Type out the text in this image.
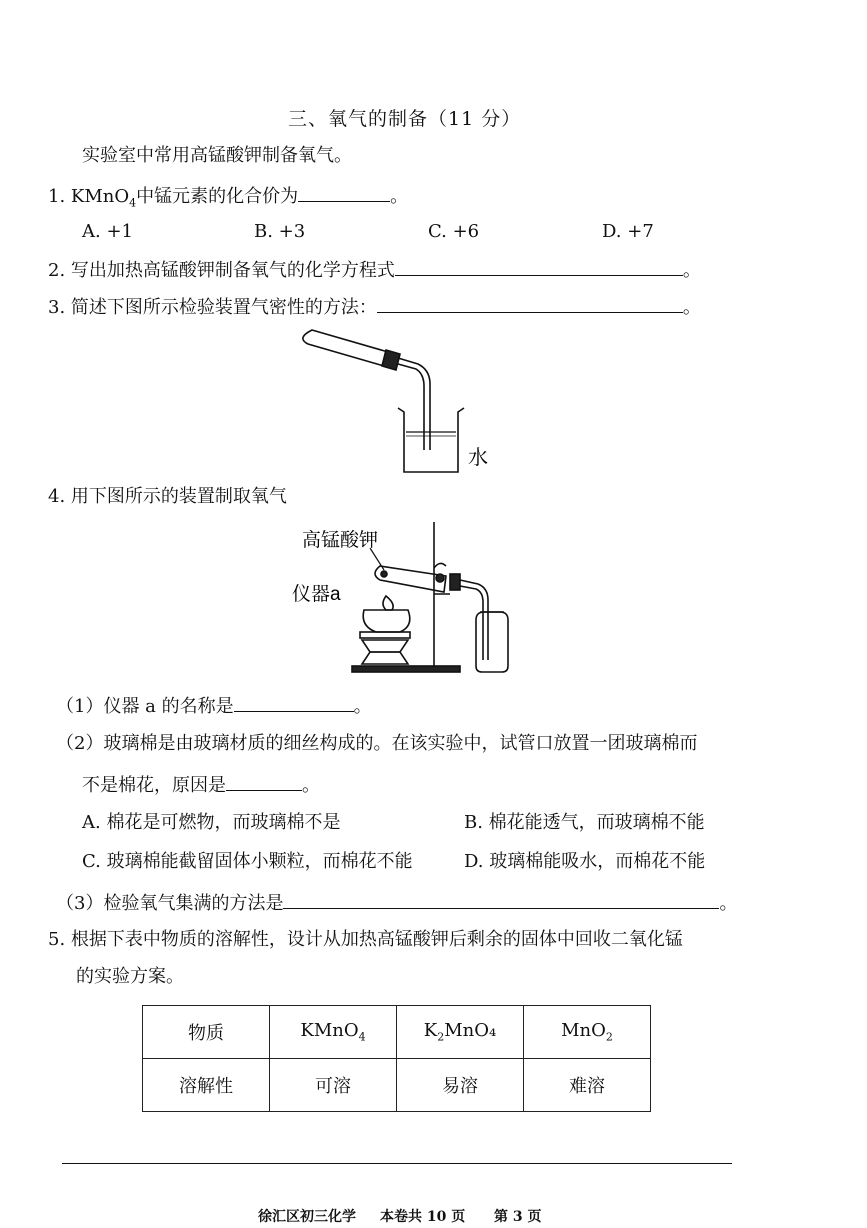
三、氧气的制备（11 分）
实验室中常用高锰酸钾制备氧气。
1. KMnO$_4$中锰元素的化合价为	。
A. +1	B. +3	C. +6	D. +7
2. 写出加热高锰酸钾制备氧气的化学方程式	。
3. 简述下图所示检验装置气密性的方法：	。
水
4. 用下图所示的装置制取氧气
高锰酸钾
仪器a
（1）仪器 a 的名称是	。
（2）玻璃棉是由玻璃材质的细丝构成的。在该实验中，试管口放置一团玻璃棉而
不是棉花，原因是	。
A. 棉花是可燃物，而玻璃棉不是	B. 棉花能透气，而玻璃棉不能
C. 玻璃棉能截留固体小颗粒，而棉花不能	D. 玻璃棉能吸水，而棉花不能
（3）检验氧气集满的方法是	。
5. 根据下表中物质的溶解性，设计从加热高锰酸钾后剩余的固体中回收二氧化锰
的实验方案。
物质	KMnO$_4$	$K_2MnO_4$	MnO$_2$
溶解性	可溶	易溶	难溶
徐汇区初三化学 本卷共 10 页 第 3 页
